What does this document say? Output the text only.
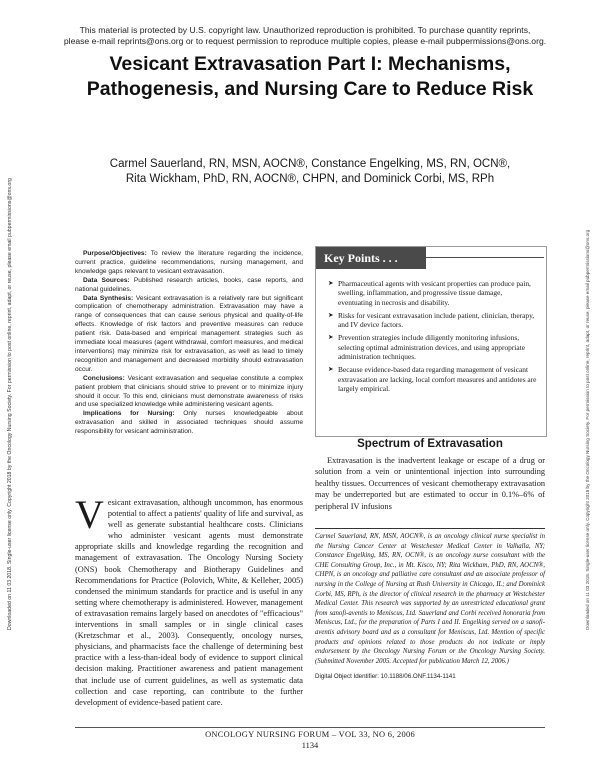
This material is protected by U.S. copyright law. Unauthorized reproduction is prohibited. To purchase quantity reprints,
please e-mail reprints@ons.org or to request permission to reproduce multiple copies, please e-mail pubpermissions@ons.org.
Vesicant Extravasation Part I: Mechanisms,
Pathogenesis, and Nursing Care to Reduce Risk
Carmel Sauerland, RN, MSN, AOCN®, Constance Engelking, MS, RN, OCN®,
Rita Wickham, PhD, RN, AOCN®, CHPN, and Dominick Corbi, MS, RPh
Downloaded on 11 03 2018. Single-user license only. Copyright 2018 by the Oncology Nursing Society. For permission to post online, reprint, adapt, or reuse, please email pubpermissions@ons.org	Downloaded on 11 03 2018. Single-user license only. Copyright 2018 by the Oncology Nursing Society. For permission to post online, reprint, adapt, or reuse, please email pubpermissions@ons.org

Purpose/Objectives: To review the literature regarding the incidence, current practice, guideline recommendations, nursing management, and knowledge gaps relevant to vesicant extravasation.

Data Sources: Published research articles, books, case reports, and national guidelines.

Data Synthesis: Vesicant extravasation is a relatively rare but significant complication of chemotherapy administration. Extravasation may have a range of consequences that can cause serious physical and quality-of-life effects. Knowledge of risk factors and preventive measures can reduce patient risk. Data-based and empirical management strategies such as immediate local measures (agent withdrawal, comfort measures, and medical interventions) may minimize risk for extravasation, as well as lead to timely recognition and management and decreased morbidity should extravasation occur.

Conclusions: Vesicant extravasation and sequelae constitute a complex patient problem that clinicians should strive to prevent or to minimize injury should it occur. To this end, clinicians must demonstrate awareness of risks and use specialized knowledge while administering vesicant agents.

Implications for Nursing: Only nurses knowledgeable about extravasation and skilled in associated techniques should assume responsibility for vesicant administration.

Key Points . . .
➤ Pharmaceutical agents with vesicant properties can produce pain, swelling, inflammation, and progressive tissue damage, eventuating in necrosis and disability.
➤ Risks for vesicant extravasation include patient, clinician, therapy, and IV device factors.
➤ Prevention strategies include diligently monitoring infusions, selecting optimal administration devices, and using appropriate administration techniques.
➤ Because evidence-based data regarding management of vesicant extravasation are lacking, local comfort measures and antidotes are largely empirical.
Spectrum of Extravasation

Extravasation is the inadvertent leakage or escape of a drug or solution from a vein or unintentional injection into surrounding healthy tissues. Occurrences of vesicant chemotherapy extravasation may be underreported but are estimated to occur in 0.1%–6% of peripheral IV infusions

Carmel Sauerland, RN, MSN, AOCN®, is an oncology clinical nurse specialist in the Nursing Cancer Center at Westchester Medical Center in Valhalla, NY; Constance Engelking, MS, RN, OCN®, is an oncology nurse consultant with the CHE Consulting Group, Inc., in Mt. Kisco, NY; Rita Wickham, PhD, RN, AOCN®, CHPN, is an oncology and palliative care consultant and an associate professor of nursing in the College of Nursing at Rush University in Chicago, IL; and Dominick Corbi, MS, RPh, is the director of clinical research in the pharmacy at Westchester Medical Center. This research was supported by an unrestricted educational grant from sanofi-aventis to Meniscus, Ltd. Sauerland and Corbi received honoraria from Meniscus, Ltd., for the preparation of Parts I and II. Engelking served on a sanofi-aventis advisory board and as a consultant for Meniscus, Ltd. Mention of specific products and opinions related to those products do not indicate or imply endorsement by the Oncology Nursing Forum or the Oncology Nursing Society. (Submitted November 2005. Accepted for publication March 12, 2006.)
Digital Object Identifier: 10.1188/06.ONF.1134-1141

Vesicant extravasation, although uncommon, has enormous potential to affect a patients' quality of life and survival, as well as generate substantial healthcare costs. Clinicians who administer vesicant agents must demonstrate appropriate skills and knowledge regarding the recognition and management of extravasation. The Oncology Nursing Society (ONS) book Chemotherapy and Biotherapy Guidelines and Recommendations for Practice (Polovich, White, & Kelleher, 2005) condensed the minimum standards for practice and is useful in any setting where chemotherapy is administered. However, management of extravasation remains largely based on anecdotes of "efficacious" interventions in small samples or in single clinical cases (Kretzschmar et al., 2003). Consequently, oncology nurses, physicians, and pharmacists face the challenge of determining best practice with a less-than-ideal body of evidence to support clinical decision making. Practitioner awareness and patient management that include use of current guidelines, as well as systematic data collection and case reporting, can contribute to the further development of evidence-based patient care.

ONCOLOGY NURSING FORUM – VOL 33, NO 6, 2006
1134
